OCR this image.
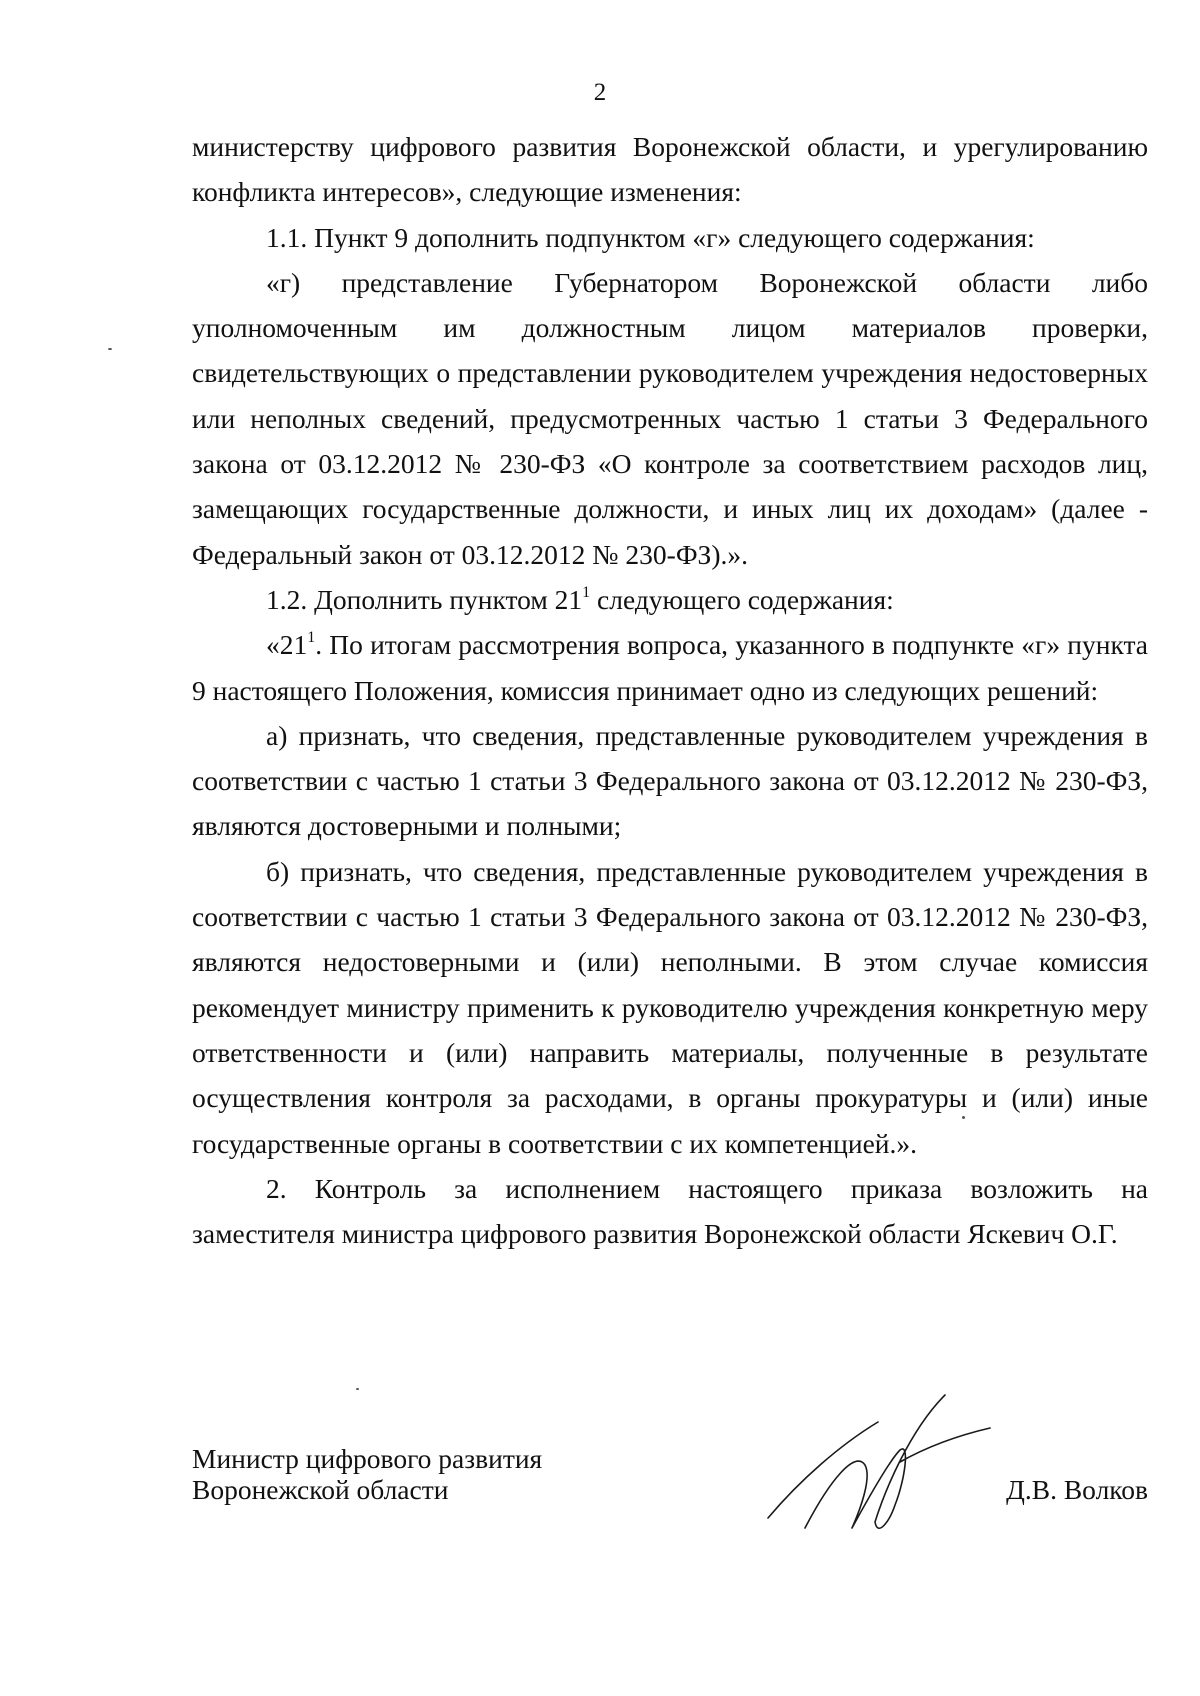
2

министерству цифрового развития Воронежской области, и урегулированию конфликта интересов», следующие изменения:

1.1. Пункт 9 дополнить подпунктом «г» следующего содержания:

«г) представление Губернатором Воронежской области либо уполномоченным им должностным лицом материалов проверки, свидетельствующих о представлении руководителем учреждения недостоверных или неполных сведений, предусмотренных частью 1 статьи 3 Федерального закона от 03.12.2012 № 230-ФЗ «О контроле за соответствием расходов лиц, замещающих государственные должности, и иных лиц их доходам» (далее - Федеральный закон от 03.12.2012 № 230-ФЗ).».

1.2. Дополнить пунктом $21^1$ следующего содержания:

«$21^1$. По итогам рассмотрения вопроса, указанного в подпункте «г» пункта 9 настоящего Положения, комиссия принимает одно из следующих решений:

а) признать, что сведения, представленные руководителем учреждения в соответствии с частью 1 статьи 3 Федерального закона от 03.12.2012 № 230-ФЗ, являются достоверными и полными;

б) признать, что сведения, представленные руководителем учреждения в соответствии с частью 1 статьи 3 Федерального закона от 03.12.2012 № 230-ФЗ, являются недостоверными и (или) неполными. В этом случае комиссия рекомендует министру применить к руководителю учреждения конкретную меру ответственности и (или) направить материалы, полученные в результате осуществления контроля за расходами, в органы прокуратуры и (или) иные государственные органы в соответствии с их компетенцией.».

2. Контроль за исполнением настоящего приказа возложить на заместителя министра цифрового развития Воронежской области Яскевич О.Г.

Министр цифрового развития
Воронежской области	Д.В. Волков
